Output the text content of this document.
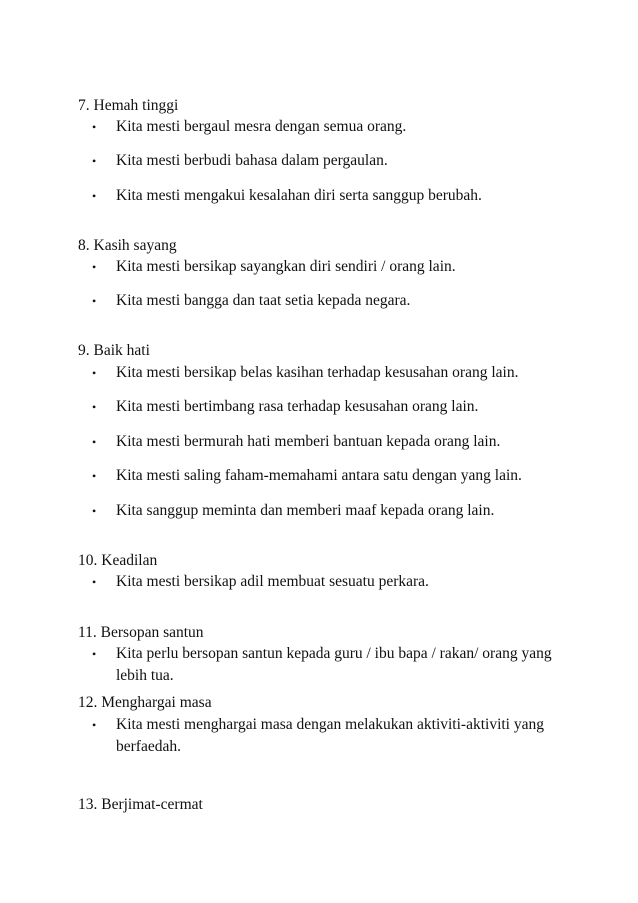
7. Hemah tinggi
• Kita mesti bergaul mesra dengan semua orang.
• Kita mesti berbudi bahasa dalam pergaulan.
• Kita mesti mengakui kesalahan diri serta sanggup berubah.
8. Kasih sayang
• Kita mesti bersikap sayangkan diri sendiri / orang lain.
• Kita mesti bangga dan taat setia kepada negara.
9. Baik hati
• Kita mesti bersikap belas kasihan terhadap kesusahan orang lain.
• Kita mesti bertimbang rasa terhadap kesusahan orang lain.
• Kita mesti bermurah hati memberi bantuan kepada orang lain.
• Kita mesti saling faham-memahami antara satu dengan yang lain.
• Kita sanggup meminta dan memberi maaf kepada orang lain.
10. Keadilan
• Kita mesti bersikap adil membuat sesuatu perkara.
11. Bersopan santun
• Kita perlu bersopan santun kepada guru / ibu bapa / rakan/ orang yang lebih tua.
12. Menghargai masa
• Kita mesti menghargai masa dengan melakukan aktiviti-aktiviti yang berfaedah.
13. Berjimat-cermat
